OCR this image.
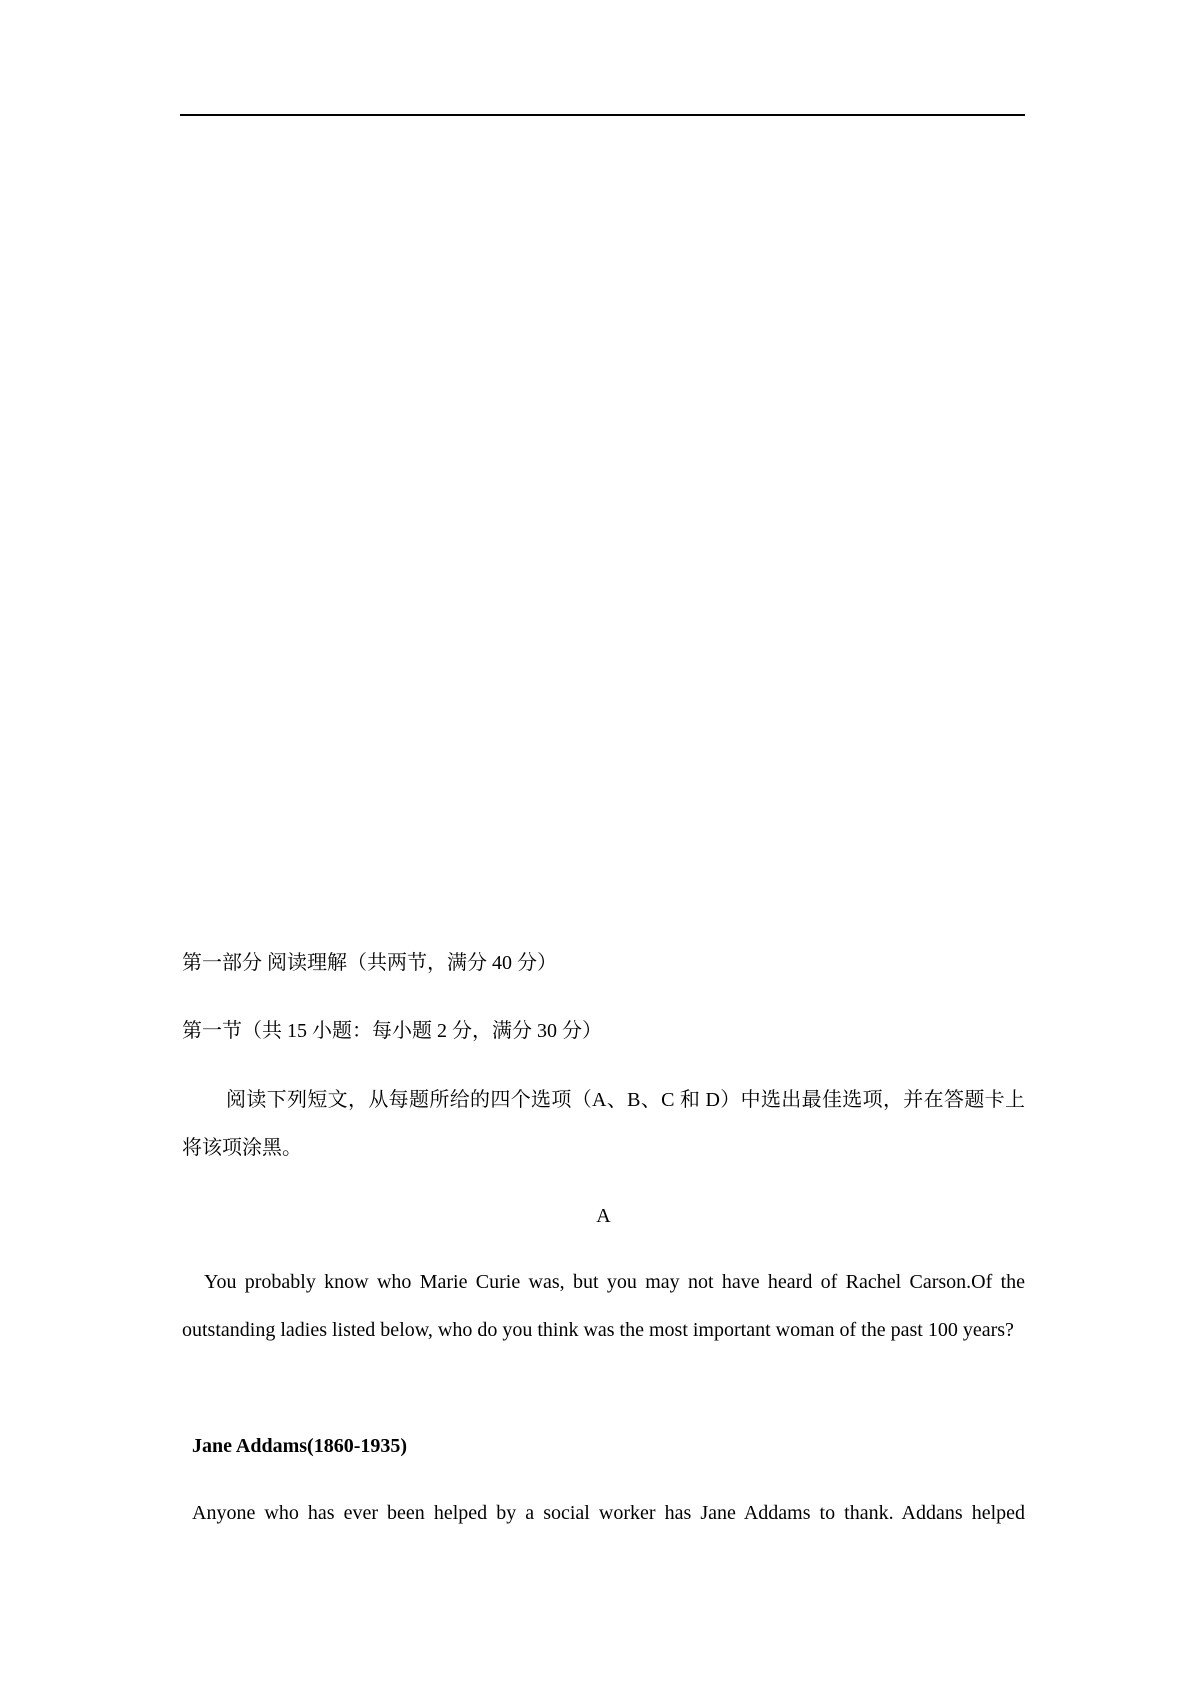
第一部分 阅读理解（共两节，满分 40 分）
第一节（共 15 小题：每小题 2 分，满分 30 分）
阅读下列短文，从每题所给的四个选项（A、B、C 和 D）中选出最佳选项，并在答题卡上将该项涂黑。
A
You probably know who Marie Curie was, but you may not have heard of Rachel Carson.Of the outstanding ladies listed below, who do you think was the most important woman of the past 100 years?
Jane Addams(1860-1935)
Anyone who has ever been helped by a social worker has Jane Addams to thank. Addans helped
